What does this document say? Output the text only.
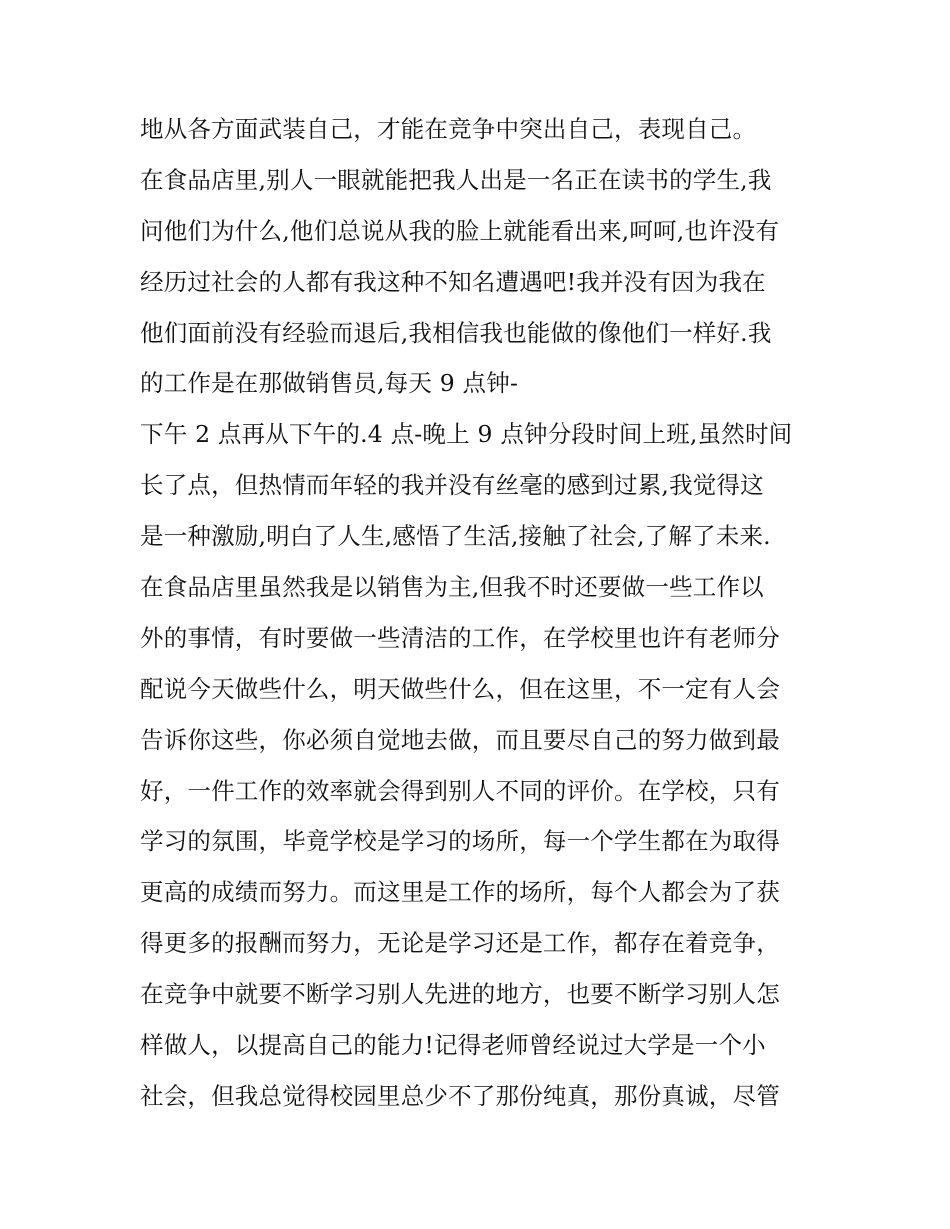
地从各方面武装自己，才能在竞争中突出自己，表现自己。
在食品店里,别人一眼就能把我人出是一名正在读书的学生,我
问他们为什么,他们总说从我的脸上就能看出来,呵呵,也许没有
经历过社会的人都有我这种不知名遭遇吧!我并没有因为我在
他们面前没有经验而退后,我相信我也能做的像他们一样好.我
的工作是在那做销售员,每天 9 点钟-
下午 2 点再从下午的.4 点-晚上 9 点钟分段时间上班,虽然时间
长了点，但热情而年轻的我并没有丝毫的感到过累,我觉得这
是一种激励,明白了人生,感悟了生活,接触了社会,了解了未来.
在食品店里虽然我是以销售为主,但我不时还要做一些工作以
外的事情，有时要做一些清洁的工作，在学校里也许有老师分
配说今天做些什么，明天做些什么，但在这里，不一定有人会
告诉你这些，你必须自觉地去做，而且要尽自己的努力做到最
好，一件工作的效率就会得到别人不同的评价。在学校，只有
学习的氛围，毕竟学校是学习的场所，每一个学生都在为取得
更高的成绩而努力。而这里是工作的场所，每个人都会为了获
得更多的报酬而努力，无论是学习还是工作，都存在着竞争，
在竞争中就要不断学习别人先进的地方，也要不断学习别人怎
样做人，以提高自己的能力!记得老师曾经说过大学是一个小
社会，但我总觉得校园里总少不了那份纯真，那份真诚，尽管
